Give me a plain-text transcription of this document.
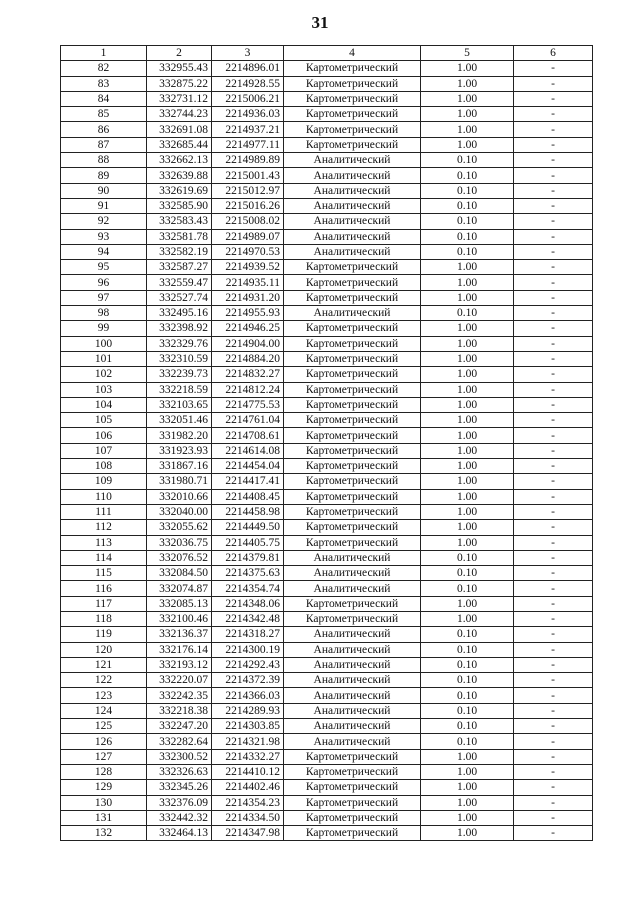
31
1	2	3	4	5	6
82	332955.43	2214896.01	Картометрический	1.00	-
83	332875.22	2214928.55	Картометрический	1.00	-
84	332731.12	2215006.21	Картометрический	1.00	-
85	332744.23	2214936.03	Картометрический	1.00	-
86	332691.08	2214937.21	Картометрический	1.00	-
87	332685.44	2214977.11	Картометрический	1.00	-
88	332662.13	2214989.89	Аналитический	0.10	-
89	332639.88	2215001.43	Аналитический	0.10	-
90	332619.69	2215012.97	Аналитический	0.10	-
91	332585.90	2215016.26	Аналитический	0.10	-
92	332583.43	2215008.02	Аналитический	0.10	-
93	332581.78	2214989.07	Аналитический	0.10	-
94	332582.19	2214970.53	Аналитический	0.10	-
95	332587.27	2214939.52	Картометрический	1.00	-
96	332559.47	2214935.11	Картометрический	1.00	-
97	332527.74	2214931.20	Картометрический	1.00	-
98	332495.16	2214955.93	Аналитический	0.10	-
99	332398.92	2214946.25	Картометрический	1.00	-
100	332329.76	2214904.00	Картометрический	1.00	-
101	332310.59	2214884.20	Картометрический	1.00	-
102	332239.73	2214832.27	Картометрический	1.00	-
103	332218.59	2214812.24	Картометрический	1.00	-
104	332103.65	2214775.53	Картометрический	1.00	-
105	332051.46	2214761.04	Картометрический	1.00	-
106	331982.20	2214708.61	Картометрический	1.00	-
107	331923.93	2214614.08	Картометрический	1.00	-
108	331867.16	2214454.04	Картометрический	1.00	-
109	331980.71	2214417.41	Картометрический	1.00	-
110	332010.66	2214408.45	Картометрический	1.00	-
111	332040.00	2214458.98	Картометрический	1.00	-
112	332055.62	2214449.50	Картометрический	1.00	-
113	332036.75	2214405.75	Картометрический	1.00	-
114	332076.52	2214379.81	Аналитический	0.10	-
115	332084.50	2214375.63	Аналитический	0.10	-
116	332074.87	2214354.74	Аналитический	0.10	-
117	332085.13	2214348.06	Картометрический	1.00	-
118	332100.46	2214342.48	Картометрический	1.00	-
119	332136.37	2214318.27	Аналитический	0.10	-
120	332176.14	2214300.19	Аналитический	0.10	-
121	332193.12	2214292.43	Аналитический	0.10	-
122	332220.07	2214372.39	Аналитический	0.10	-
123	332242.35	2214366.03	Аналитический	0.10	-
124	332218.38	2214289.93	Аналитический	0.10	-
125	332247.20	2214303.85	Аналитический	0.10	-
126	332282.64	2214321.98	Аналитический	0.10	-
127	332300.52	2214332.27	Картометрический	1.00	-
128	332326.63	2214410.12	Картометрический	1.00	-
129	332345.26	2214402.46	Картометрический	1.00	-
130	332376.09	2214354.23	Картометрический	1.00	-
131	332442.32	2214334.50	Картометрический	1.00	-
132	332464.13	2214347.98	Картометрический	1.00	-
